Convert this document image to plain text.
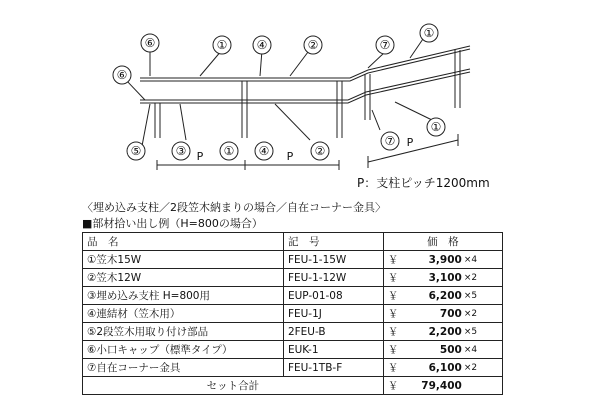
⑥	① ④	②	⑦
①
⑥
⑤	③	① ④	②
⑦
①
P	P
P
P：支柱ピッチ1200mm
〈埋め込み支柱／2段笠木納まりの場合／自在コーナー金具〉
■部材拾い出し例（H=800の場合）
品　名	記　号	価　格
①笠木15W	FEU-1-15W	￥ 3,900 ×4

②笠木12W	FEU-1-12W	￥ 3,100 ×2

③埋め込み支柱 H=800用	EUP-01-08	￥ 6,200 ×5

④連結材（笠木用）	FEU-1J	￥ 700 ×2

⑤2段笠木用取り付け部品	2FEU-B	￥ 2,200 ×5

⑥小口キャップ（標準タイプ）	EUK-1	￥ 500 ×4

⑦自在コーナー金具	FEU-1TB-F	￥ 6,100 ×2

セット合計		￥ 79,400
